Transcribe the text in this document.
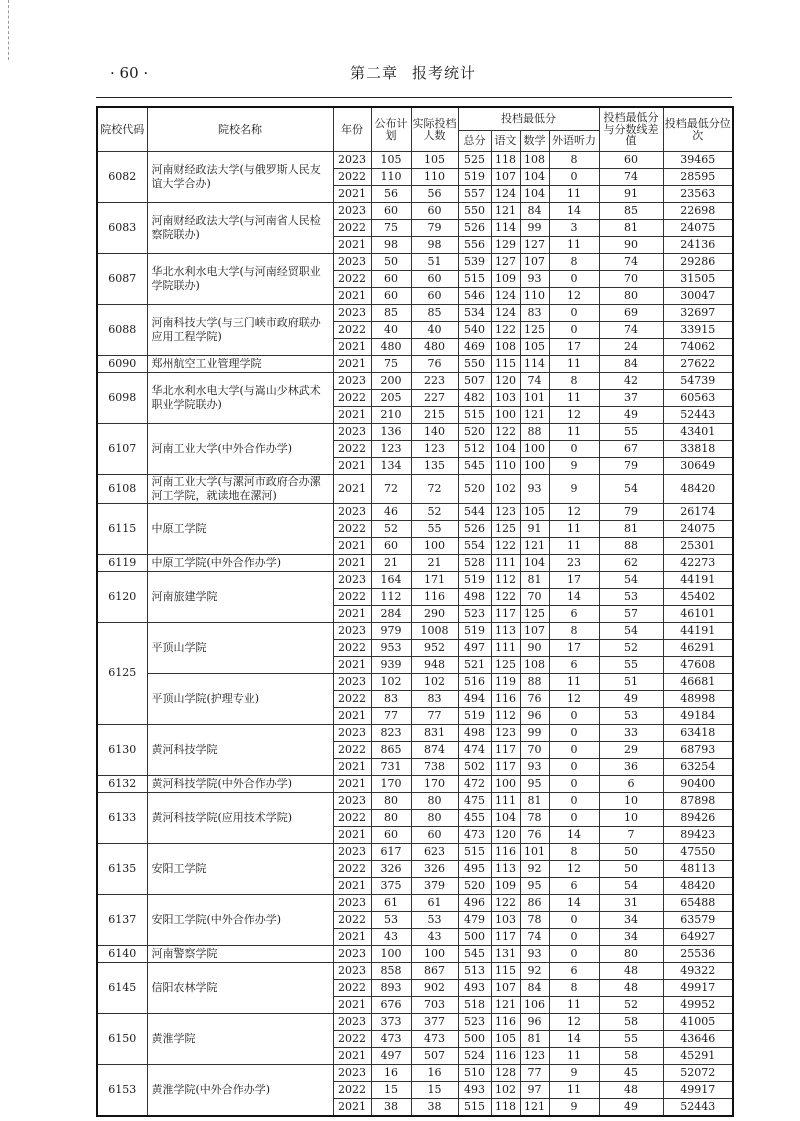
· 60 ·	第二章 报考统计
院校代码	院校名称	年份	公布计划	实际投档人数	投档最低分				投档最低分与分数线差值	投档最低分位次
					总分	语文	数学	外语听力		
6082	河南财经政法大学(与俄罗斯人民友谊大学合办)	2023	105	105	525	118	108	8	60	39465
		2022	110	110	519	107	104	0	74	28595
		2021	56	56	557	124	104	11	91	23563
6083	河南财经政法大学(与河南省人民检察院联办)	2023	60	60	550	121	84	14	85	22698
		2022	75	79	526	114	99	3	81	24075
		2021	98	98	556	129	127	11	90	24136
6087	华北水利水电大学(与河南经贸职业学院联办)	2023	50	51	539	127	107	8	74	29286
		2022	60	60	515	109	93	0	70	31505
		2021	60	60	546	124	110	12	80	30047
6088	河南科技大学(与三门峡市政府联办应用工程学院)	2023	85	85	534	124	83	0	69	32697
		2022	40	40	540	122	125	0	74	33915
		2021	480	480	469	108	105	17	24	74062
6090	郑州航空工业管理学院	2021	75	76	550	115	114	11	84	27622
6098	华北水利水电大学(与嵩山少林武术职业学院联办)	2023	200	223	507	120	74	8	42	54739
		2022	205	227	482	103	101	11	37	60563
		2021	210	215	515	100	121	12	49	52443
6107	河南工业大学(中外合作办学)	2023	136	140	520	122	88	11	55	43401
		2022	123	123	512	104	100	0	67	33818
		2021	134	135	545	110	100	9	79	30649
6108	河南工业大学(与漯河市政府合办漯河工学院，就读地在漯河)	2021	72	72	520	102	93	9	54	48420
6115	中原工学院	2023	46	52	544	123	105	12	79	26174
		2022	52	55	526	125	91	11	81	24075
		2021	60	100	554	122	121	11	88	25301
6119	中原工学院(中外合作办学)	2021	21	21	528	111	104	23	62	42273
6120	河南旅建学院	2023	164	171	519	112	81	17	54	44191
		2022	112	116	498	122	70	14	53	45402
		2021	284	290	523	117	125	6	57	46101
6125	平顶山学院	2023	979	1008	519	113	107	8	54	44191
		2022	953	952	497	111	90	17	52	46291
		2021	939	948	521	125	108	6	55	47608
	平顶山学院(护理专业)	2023	102	102	516	119	88	11	51	46681
		2022	83	83	494	116	76	12	49	48998
		2021	77	77	519	112	96	0	53	49184
6130	黄河科技学院	2023	823	831	498	123	99	0	33	63418
		2022	865	874	474	117	70	0	29	68793
		2021	731	738	502	117	93	0	36	63254
6132	黄河科技学院(中外合作办学)	2021	170	170	472	100	95	0	6	90400
6133	黄河科技学院(应用技术学院)	2023	80	80	475	111	81	0	10	87898
		2022	80	80	455	104	78	0	10	89426
		2021	60	60	473	120	76	14	7	89423
6135	安阳工学院	2023	617	623	515	116	101	8	50	47550
		2022	326	326	495	113	92	12	50	48113
		2021	375	379	520	109	95	6	54	48420
6137	安阳工学院(中外合作办学)	2023	61	61	496	122	86	14	31	65488
		2022	53	53	479	103	78	0	34	63579
		2021	43	43	500	117	74	0	34	64927
6140	河南警察学院	2023	100	100	545	131	93	0	80	25536
6145	信阳农林学院	2023	858	867	513	115	92	6	48	49322
		2022	893	902	493	107	84	8	48	49917
		2021	676	703	518	121	106	11	52	49952
6150	黄淮学院	2023	373	377	523	116	96	12	58	41005
		2022	473	473	500	105	81	14	55	43646
		2021	497	507	524	116	123	11	58	45291
6153	黄淮学院(中外合作办学)	2023	16	16	510	128	77	9	45	52072
		2022	15	15	493	102	97	11	48	49917
		2021	38	38	515	118	121	9	49	52443
